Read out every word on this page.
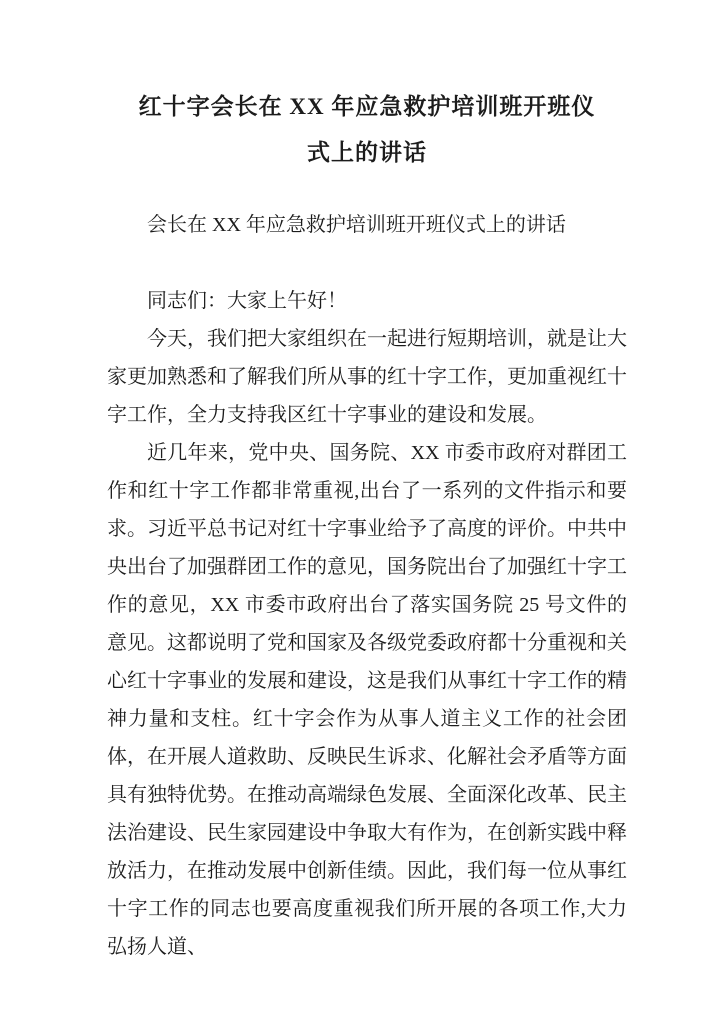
红十字会长在 XX 年应急救护培训班开班仪
式上的讲话

会长在 XX 年应急救护培训班开班仪式上的讲话

同志们：大家上午好！

今天，我们把大家组织在一起进行短期培训，就是让大家更加熟悉和了解我们所从事的红十字工作，更加重视红十字工作，全力支持我区红十字事业的建设和发展。

近几年来，党中央、国务院、XX 市委市政府对群团工作和红十字工作都非常重视,出台了一系列的文件指示和要求。习近平总书记对红十字事业给予了高度的评价。中共中央出台了加强群团工作的意见，国务院出台了加强红十字工作的意见，XX 市委市政府出台了落实国务院 25 号文件的意见。这都说明了党和国家及各级党委政府都十分重视和关心红十字事业的发展和建设，这是我们从事红十字工作的精神力量和支柱。红十字会作为从事人道主义工作的社会团体，在开展人道救助、反映民生诉求、化解社会矛盾等方面具有独特优势。在推动高端绿色发展、全面深化改革、民主法治建设、民生家园建设中争取大有作为，在创新实践中释放活力，在推动发展中创新佳绩。因此，我们每一位从事红十字工作的同志也要高度重视我们所开展的各项工作,大力弘扬人道、
